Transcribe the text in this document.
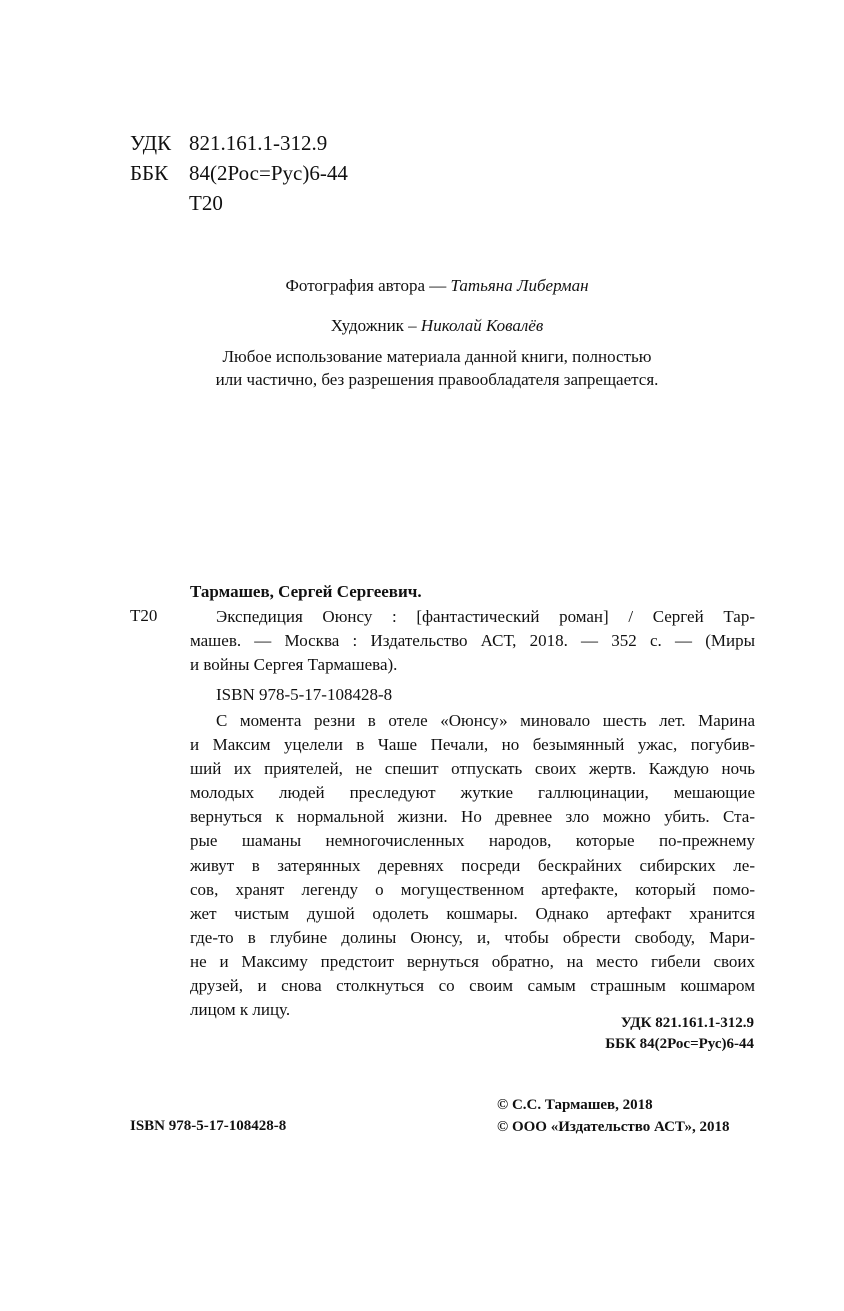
УДК 821.161.1-312.9
ББК 84(2Рос=Рус)6-44
Т20
Фотография автора — Татьяна Либерман
Художник – Николай Ковалёв
Любое использование материала данной книги, полностью
или частично, без разрешения правообладателя запрещается.
Тармашев, Сергей Сергеевич.
Т20	Экспедиция Оюнсу : [фантастический роман] / Сергей Тар-
машев. — Москва : Издательство АСТ, 2018. — 352 с. — (Миры
и войны Сергея Тармашева).
ISBN 978-5-17-108428-8
С момента резни в отеле «Оюнсу» миновало шесть лет. Марина
и Максим уцелели в Чаше Печали, но безымянный ужас, погубив-
ший их приятелей, не спешит отпускать своих жертв. Каждую ночь
молодых людей преследуют жуткие галлюцинации, мешающие
вернуться к нормальной жизни. Но древнее зло можно убить. Ста-
рые шаманы немногочисленных народов, которые по-прежнему
живут в затерянных деревнях посреди бескрайних сибирских ле-
сов, хранят легенду о могущественном артефакте, который помо-
жет чистым душой одолеть кошмары. Однако артефакт хранится
где-то в глубине долины Оюнсу, и, чтобы обрести свободу, Мари-
не и Максиму предстоит вернуться обратно, на место гибели своих
друзей, и снова столкнуться со своим самым страшным кошмаром
лицом к лицу.
УДК 821.161.1-312.9
ББК 84(2Рос=Рус)6-44
ISBN 978-5-17-108428-8
© С.С. Тармашев, 2018
© ООО «Издательство АСТ», 2018
